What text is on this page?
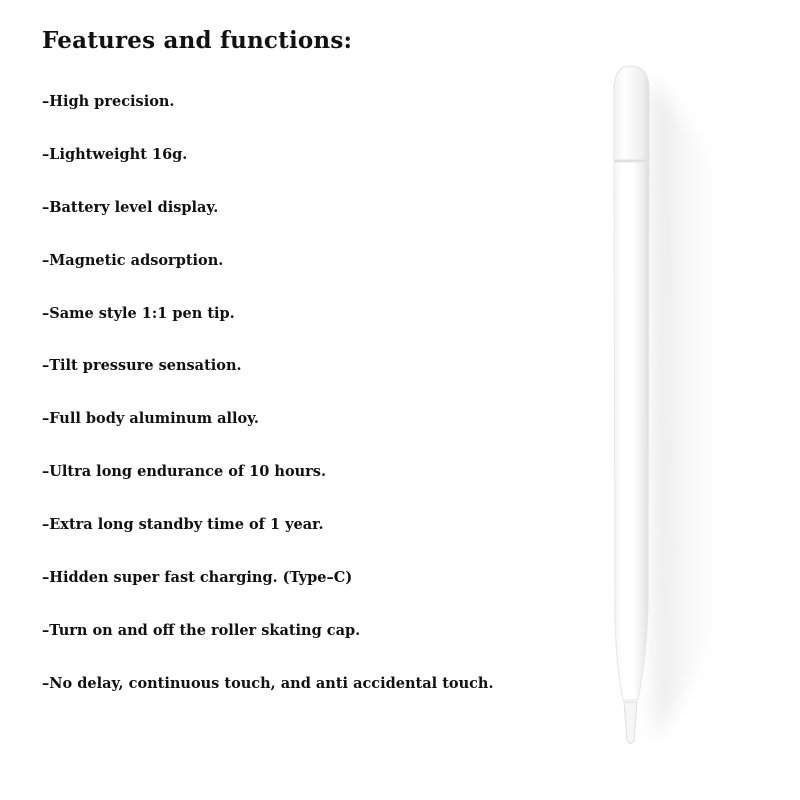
Features and functions:
–High precision.
–Lightweight 16g.
–Battery level display.
–Magnetic adsorption.
–Same style 1:1 pen tip.
–Tilt pressure sensation.
–Full body aluminum alloy.
–Ultra long endurance of 10 hours.
–Extra long standby time of 1 year.
–Hidden super fast charging. (Type–C)
–Turn on and off the roller skating cap.
–No delay, continuous touch, and anti accidental touch.
